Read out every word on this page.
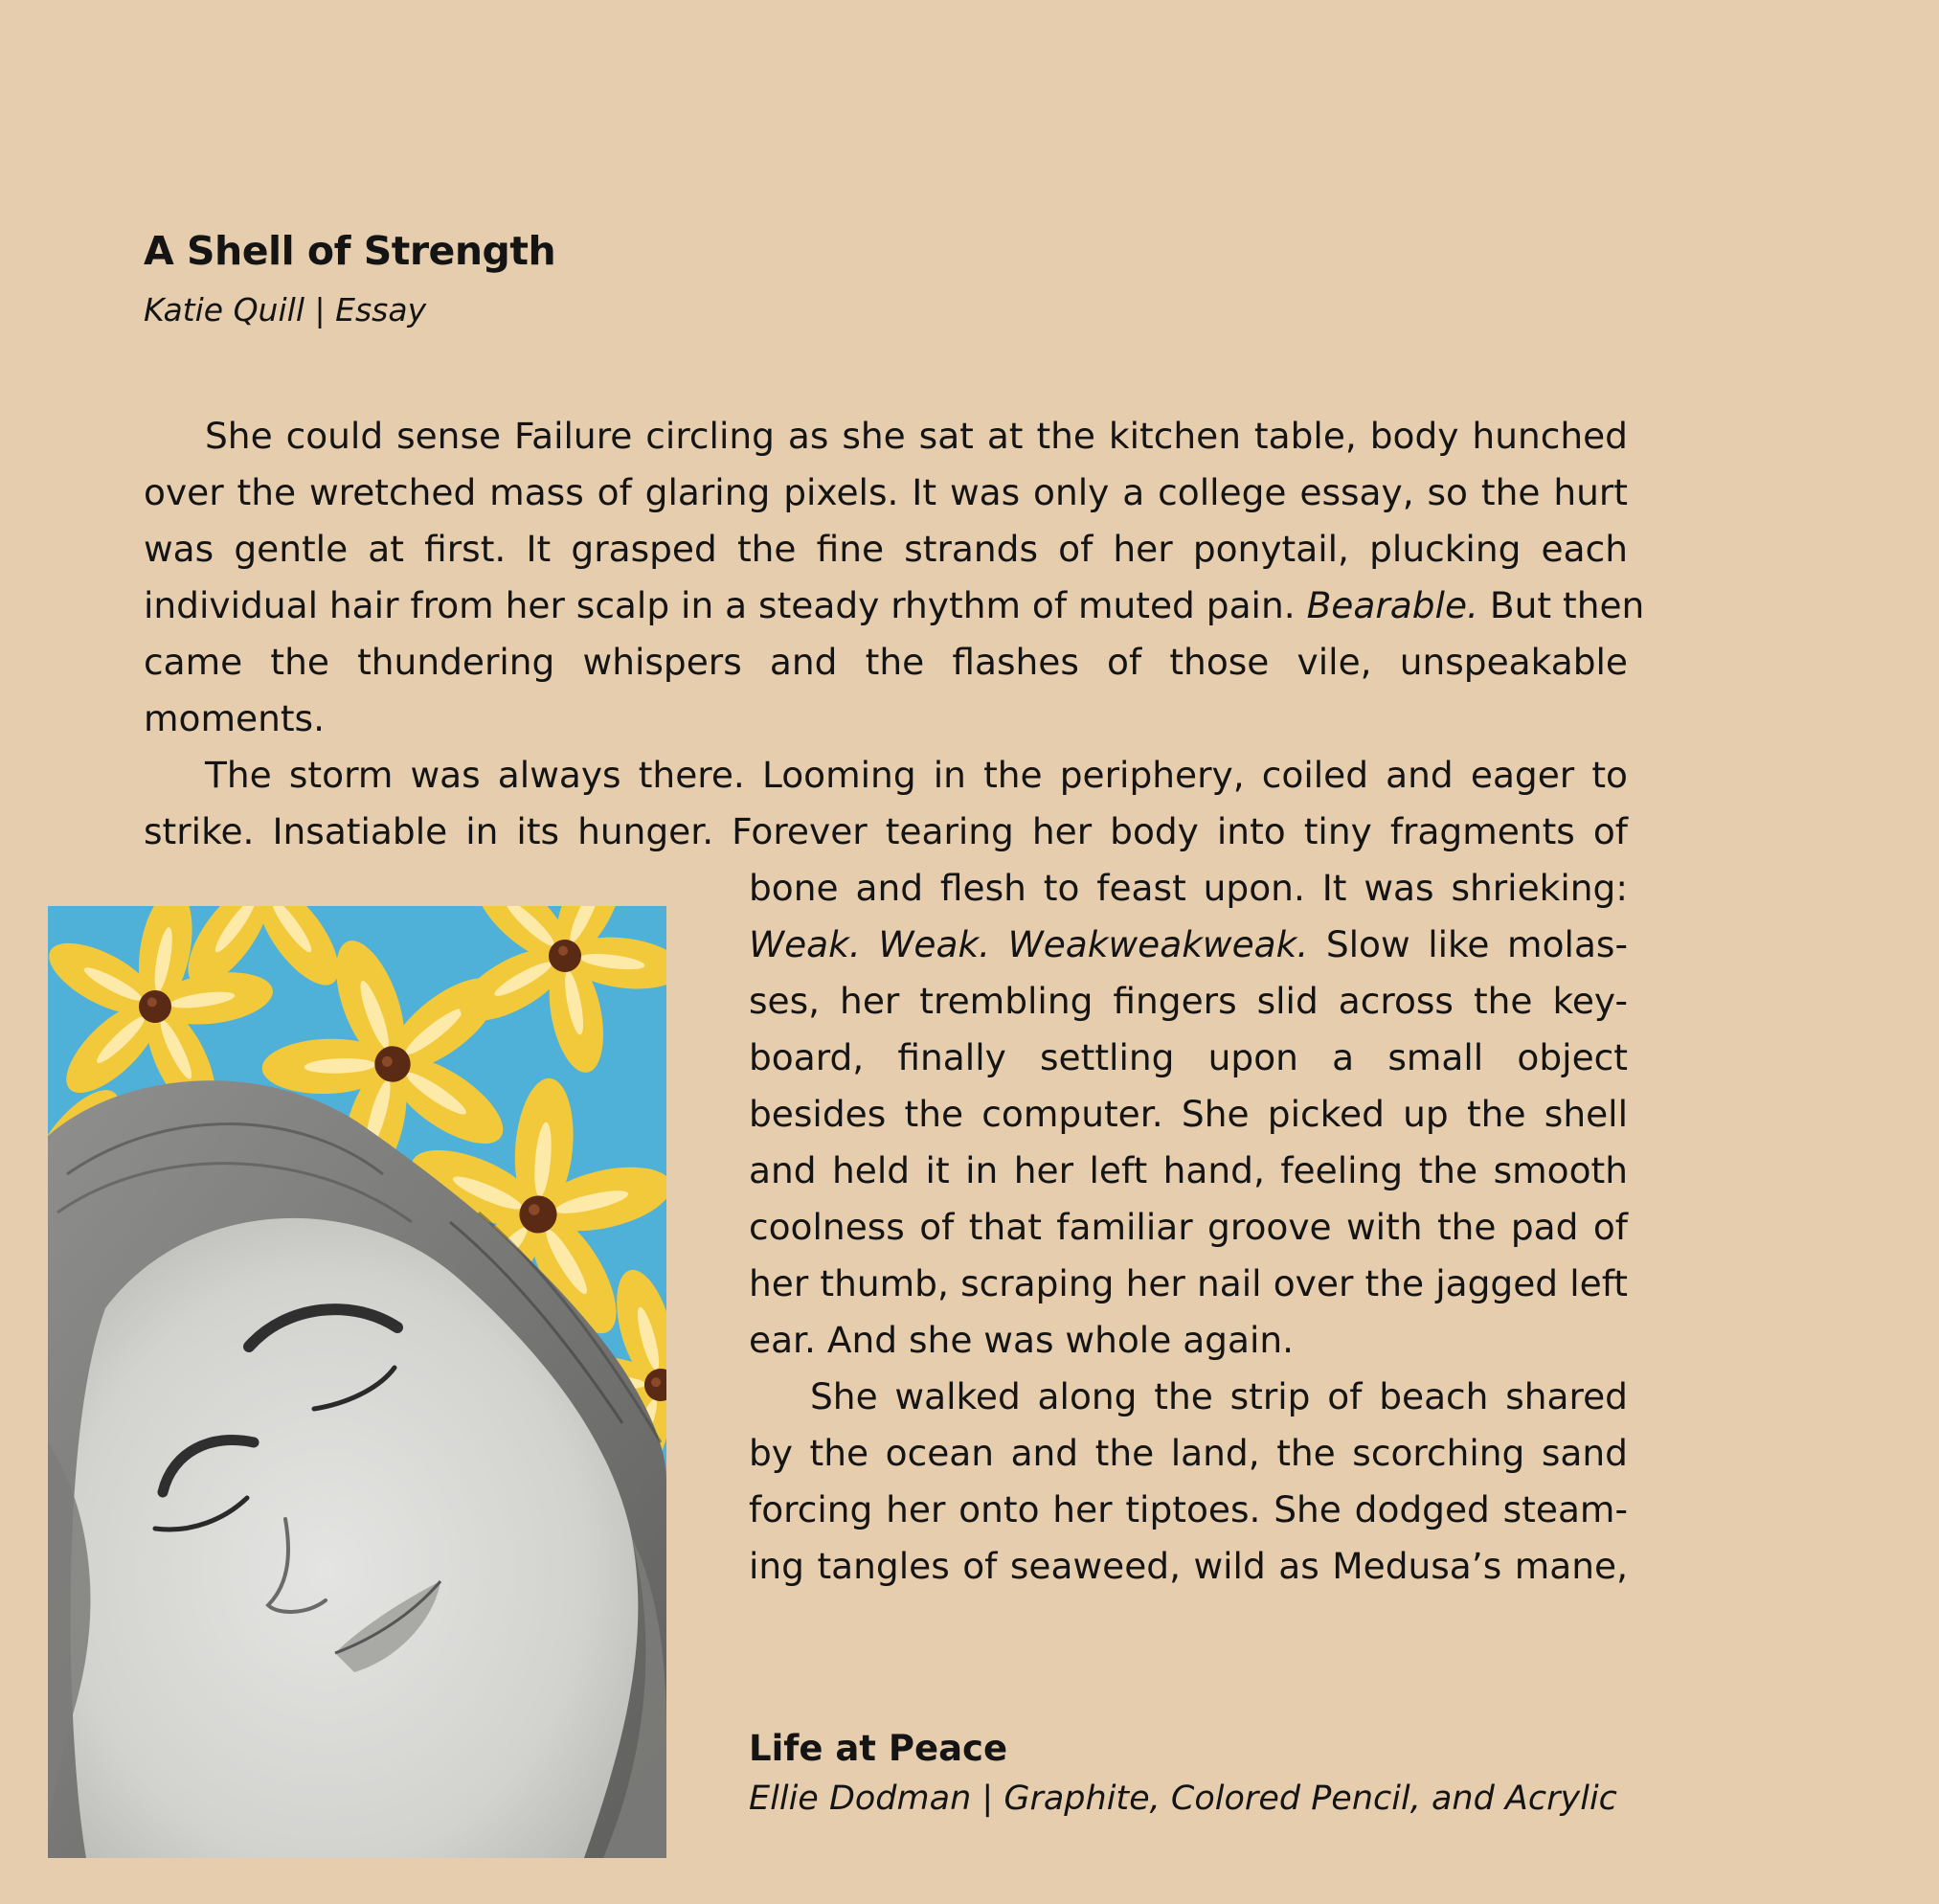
A Shell of Strength

Katie Quill | Essay

She could sense Failure circling as she sat at the kitchen table, body hunched
over the wretched mass of glaring pixels. It was only a college essay, so the hurt
was gentle at first. It grasped the fine strands of her ponytail, plucking each
individual hair from her scalp in a steady rhythm of muted pain. Bearable. But then
came the thundering whispers and the flashes of those vile, unspeakable
moments.
The storm was always there. Looming in the periphery, coiled and eager to
strike. Insatiable in its hunger. Forever tearing her body into tiny fragments of
bone and flesh to feast upon. It was shrieking:
Weak. Weak. Weakweakweak. Slow like molas-
ses, her trembling fingers slid across the key-
board, finally settling upon a small object
besides the computer. She picked up the shell
and held it in her left hand, feeling the smooth
coolness of that familiar groove with the pad of
her thumb, scraping her nail over the jagged left
ear. And she was whole again.
She walked along the strip of beach shared
by the ocean and the land, the scorching sand
forcing her onto her tiptoes. She dodged steam-
ing tangles of seaweed, wild as Medusa’s mane,

Life at Peace

Ellie Dodman | Graphite, Colored Pencil, and Acrylic
